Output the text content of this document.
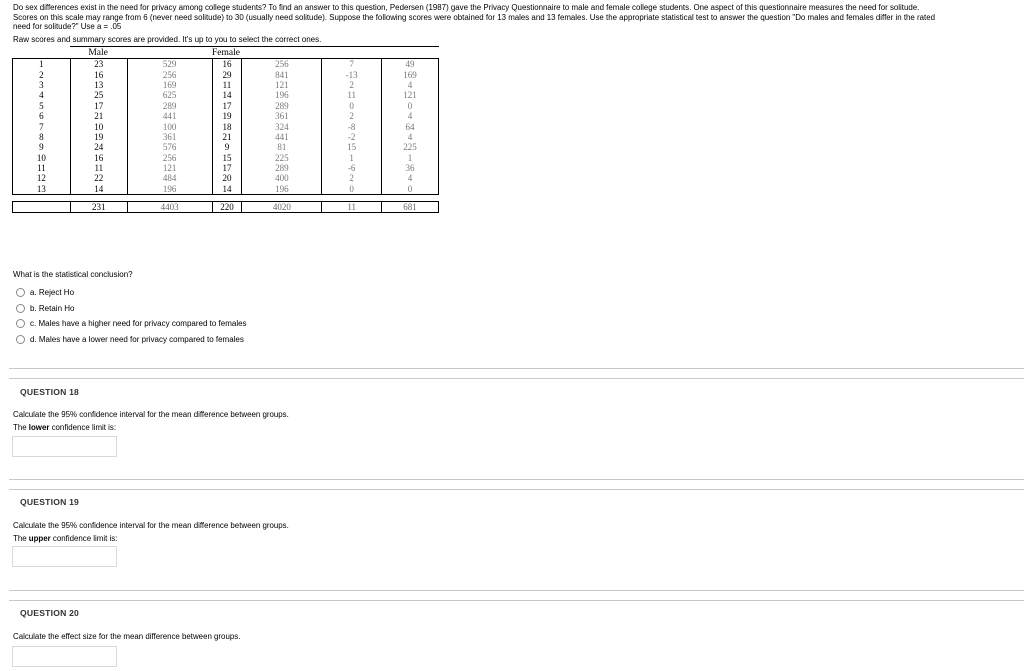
Do sex differences exist in the need for privacy among college students? To find an answer to this question, Pedersen (1987) gave the Privacy Questionnaire to male and female college students. One aspect of this questionnaire measures the need for solitude.
Scores on this scale may range from 6 (never need solitude) to 30 (usually need solitude). Suppose the following scores were obtained for 13 males and 13 females. Use the appropriate statistical test to answer the question "Do males and females differ in the rated
need for solitude?" Use a = .05
Raw scores and summary scores are provided. It's up to you to select the correct ones.
	Male		Female			
1	23	529	16	256	7	49
2	16	256	29	841	-13	169
3	13	169	11	121	2	4
4	25	625	14	196	11	121
5	17	289	17	289	0	0
6	21	441	19	361	2	4
7	10	100	18	324	-8	64
8	19	361	21	441	-2	4
9	24	576	9	81	15	225
10	16	256	15	225	1	1
11	11	121	17	289	-6	36
12	22	484	20	400	2	4
13	14	196	14	196	0	0

	231	4403	220	4020	11	681
What is the statistical conclusion?
a. Reject Ho
b. Retain Ho
c. Males have a higher need for privacy compared to females
d. Males have a lower need for privacy compared to females
QUESTION 18
Calculate the 95% confidence interval for the mean difference between groups.
The lower confidence limit is:
QUESTION 19
Calculate the 95% confidence interval for the mean difference between groups.
The upper confidence limit is:
QUESTION 20
Calculate the effect size for the mean difference between groups.
